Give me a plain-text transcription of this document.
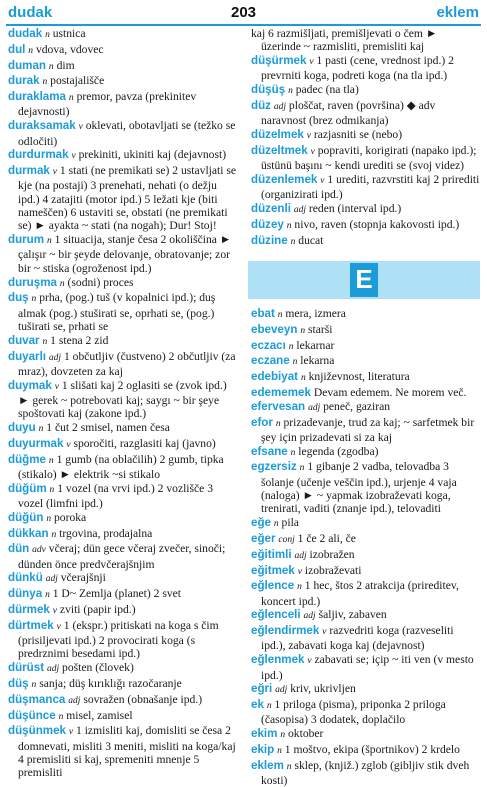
dudak	203	eklem

dudak n ustnica

dul n vdova, vdovec

duman n dim

durak n postajališče

duraklama n premor, pavza (prekinitev dejavnosti)

duraksamak v oklevati, obotavljati se (težko se odločiti)

durdurmak v prekiniti, ukiniti kaj (dejavnost)

durmak v 1 stati (ne premikati se) 2 ustavljati se kje (na postaji) 3 prenehati, nehati (o dežju ipd.) 4 zatajiti (motor ipd.) 5 ležati kje (biti nameščen) 6 ustaviti se, obstati (ne premikati se) ► ayakta ~ stati (na nogah); Dur! Stoj!

durum n 1 situacija, stanje česa 2 okoliščina ► çalışır ~ bir şeyde delovanje, obratovanje; zor bir ~ stiska (ogroženost ipd.)

duruşma n (sodni) proces

duş n prha, (pog.) tuš (v kopalnici ipd.); duş almak (pog.) stuširati se, oprhati se, (pog.) tuširati se, prhati se

duvar n 1 stena 2 zid

duyarlı adj 1 občutljiv (čustveno) 2 občutljiv (za mraz), dovzeten za kaj

duymak v 1 slišati kaj 2 oglasiti se (zvok ipd.) ► gerek ~ potrebovati kaj; saygı ~ bir şeye spoštovati kaj (zakone ipd.)

duyu n 1 čut 2 smisel, namen česa

duyurmak v sporočiti, razglasiti kaj (javno)

düğme n 1 gumb (na oblačilih) 2 gumb, tipka (stikalo) ► elektrik ~si stikalo

düğüm n 1 vozel (na vrvi ipd.) 2 vozlišče 3 vozel (limfni ipd.)

düğün n poroka

dükkan n trgovina, prodajalna

dün adv včeraj; dün gece včeraj zvečer, sinoči; dünden önce predvčerajšnjim

dünkü adj včerajšnji

dünya n 1 D~ Zemlja (planet) 2 svet

dürmek v zviti (papir ipd.)

dürtmek v 1 (ekspr.) pritiskati na koga s čim (prisiljevati ipd.) 2 provocirati koga (s predrznimi besedami ipd.)

dürüst adj pošten (človek)

düş n sanja; düş kırıklığı razočaranje

düşmanca adj sovražen (obnašanje ipd.)

düşünce n misel, zamisel

düşünmek v 1 izmisliti kaj, domisliti se česa 2 domnevati, misliti 3 meniti, misliti na koga/kaj 4 premisliti si kaj, spremeniti mnenje 5 premisliti

kaj 6 razmišljati, premišljevati o čem ► üzerinde ~ razmisliti, premisliti kaj

düşürmek v 1 pasti (cene, vrednost ipd.) 2 prevrniti koga, podreti koga (na tla ipd.)

düşüş n padec (na tla)

düz adj ploščat, raven (površina) ◆ adv naravnost (brez odmikanja)

düzelmek v razjasniti se (nebo)

düzeltmek v popraviti, korigirati (napako ipd.); üstünü başını ~ kendi urediti se (svoj videz)

düzenlemek v 1 urediti, razvrstiti kaj 2 prirediti (organizirati ipd.)

düzenli adj reden (interval ipd.)

düzey n nivo, raven (stopnja kakovosti ipd.)

düzine n ducat

E

ebat n mera, izmera

ebeveyn n starši

eczacı n lekarnar

eczane n lekarna

edebiyat n književnost, literatura

edememek Devam edemem. Ne morem več.

efervesan adj peneč, gaziran

efor n prizadevanje, trud za kaj; ~ sarfetmek bir şey için prizadevati si za kaj

efsane n legenda (zgodba)

egzersiz n 1 gibanje 2 vadba, telovadba 3 šolanje (učenje veščin ipd.), urjenje 4 vaja (naloga) ► ~ yapmak izobraževati koga, trenirati, vaditi (znanje ipd.), telovaditi

eğe n pila

eğer conj 1 če 2 ali, če

eğitimli adj izobražen

eğitmek v izobraževati

eğlence n 1 hec, štos 2 atrakcija (prireditev, koncert ipd.)

eğlenceli adj šaljiv, zabaven

eğlendirmek v razvedriti koga (razveseliti ipd.), zabavati koga kaj (dejavnost)

eğlenmek v zabavati se; içip ~ iti ven (v mesto ipd.)

eğri adj kriv, ukrivljen

ek n 1 priloga (pisma), priponka 2 priloga (časopisa) 3 dodatek, doplačilo

ekim n oktober

ekip n 1 moštvo, ekipa (športnikov) 2 krdelo

eklem n sklep, (knjiž.) zglob (gibljiv stik dveh kosti)
